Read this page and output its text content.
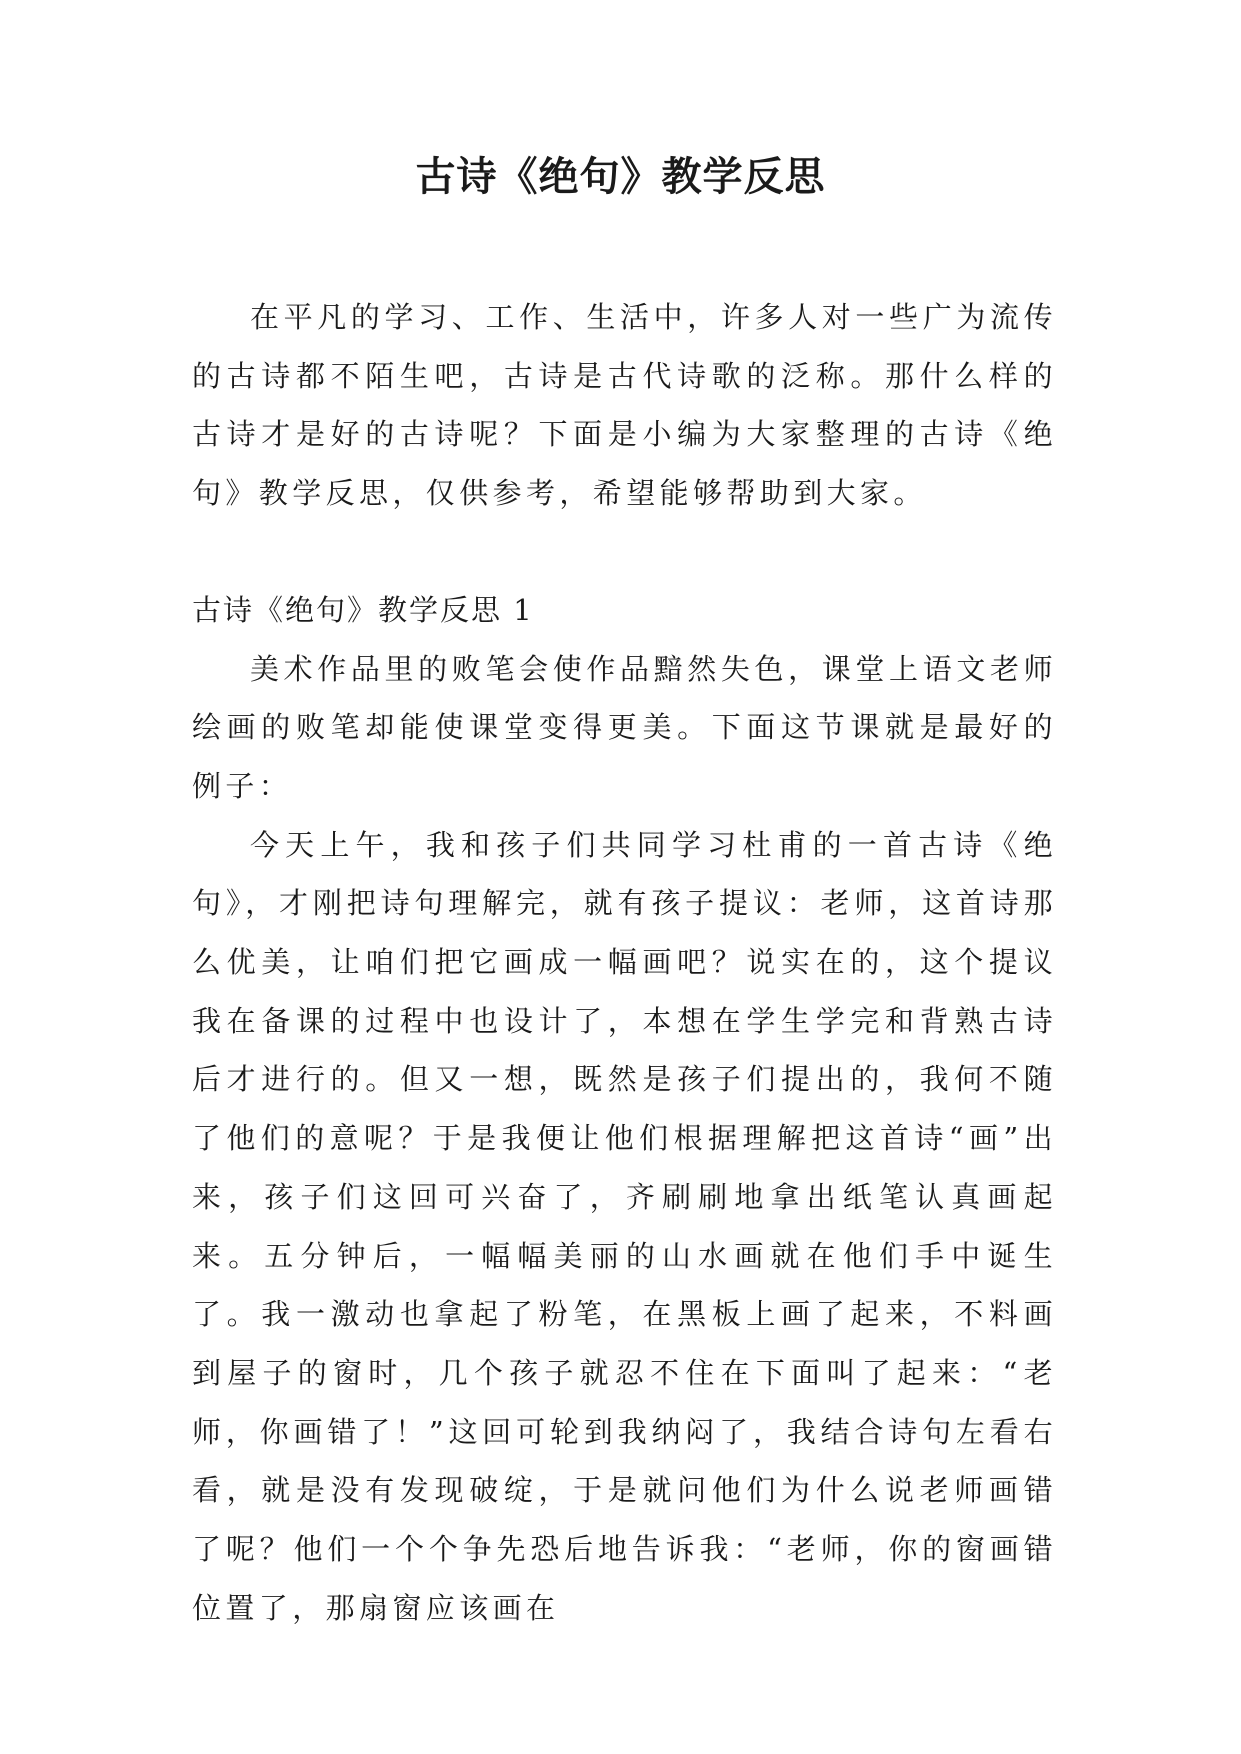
古诗《绝句》教学反思

在平凡的学习、工作、生活中，许多人对一些广为流传的古诗都不陌生吧，古诗是古代诗歌的泛称。那什么样的古诗才是好的古诗呢？下面是小编为大家整理的古诗《绝句》教学反思，仅供参考，希望能够帮助到大家。

古诗《绝句》教学反思 1

美术作品里的败笔会使作品黯然失色，课堂上语文老师绘画的败笔却能使课堂变得更美。下面这节课就是最好的例子：

今天上午，我和孩子们共同学习杜甫的一首古诗《绝句》，才刚把诗句理解完，就有孩子提议：老师，这首诗那么优美，让咱们把它画成一幅画吧？说实在的，这个提议我在备课的过程中也设计了，本想在学生学完和背熟古诗后才进行的。但又一想，既然是孩子们提出的，我何不随了他们的意呢？于是我便让他们根据理解把这首诗“画”出来，孩子们这回可兴奋了，齐刷刷地拿出纸笔认真画起来。五分钟后，一幅幅美丽的山水画就在他们手中诞生了。我一激动也拿起了粉笔，在黑板上画了起来，不料画到屋子的窗时，几个孩子就忍不住在下面叫了起来：“老师，你画错了！”这回可轮到我纳闷了，我结合诗句左看右看，就是没有发现破绽，于是就问他们为什么说老师画错了呢？他们一个个争先恐后地告诉我：“老师，你的窗画错位置了，那扇窗应该画在
